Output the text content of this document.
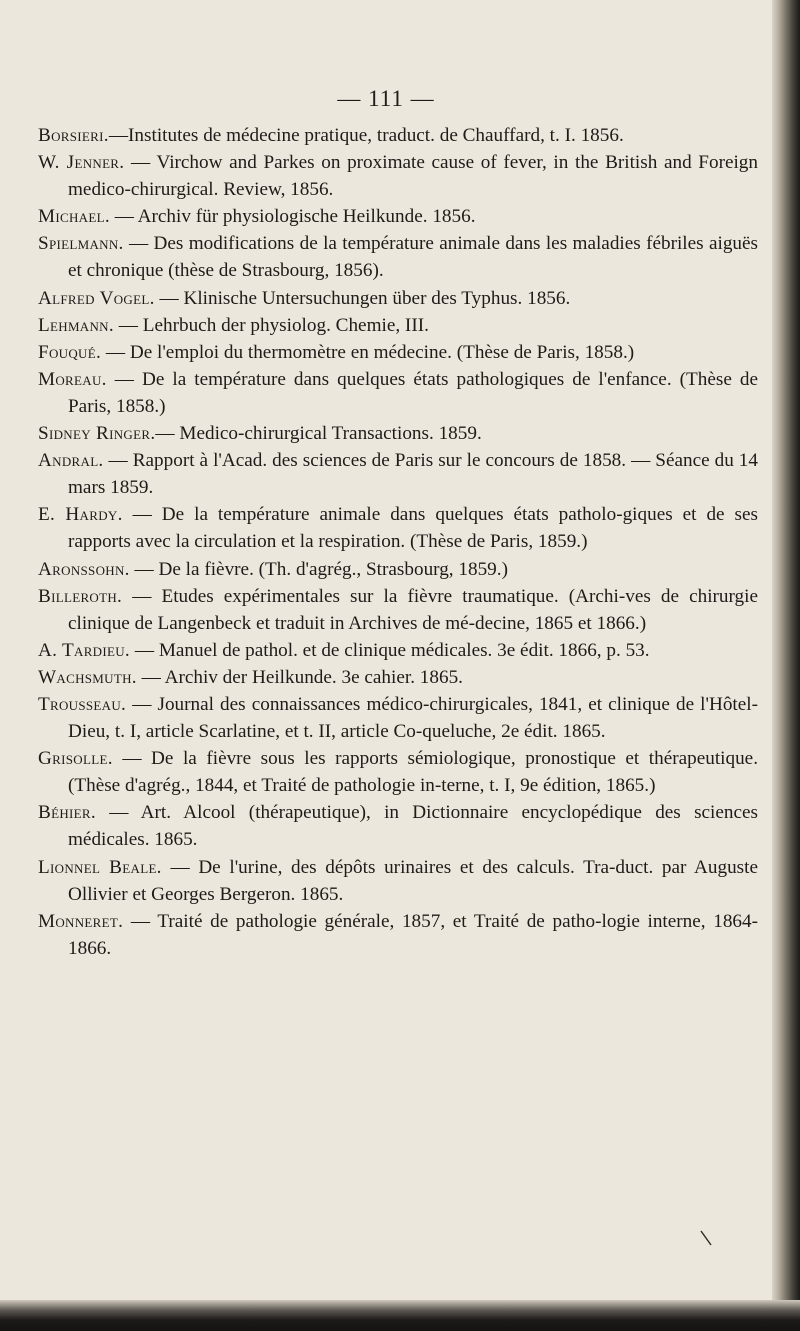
— 111 —

Borsieri.—Institutes de médecine pratique, traduct. de Chauffard, t. I. 1856.

W. Jenner. — Virchow and Parkes on proximate cause of fever, in the British and Foreign medico-chirurgical. Review, 1856.

Michael. — Archiv für physiologische Heilkunde. 1856.

Spielmann. — Des modifications de la température animale dans les maladies fébriles aiguës et chronique (thèse de Strasbourg, 1856).

Alfred Vogel. — Klinische Untersuchungen über des Typhus. 1856.

Lehmann. — Lehrbuch der physiolog. Chemie, III.

Fouqué. — De l'emploi du thermomètre en médecine. (Thèse de Paris, 1858.)

Moreau. — De la température dans quelques états pathologiques de l'enfance. (Thèse de Paris, 1858.)

Sidney Ringer.— Medico-chirurgical Transactions. 1859.

Andral. — Rapport à l'Acad. des sciences de Paris sur le concours de 1858. — Séance du 14 mars 1859.

E. Hardy. — De la température animale dans quelques états patholo-giques et de ses rapports avec la circulation et la respiration. (Thèse de Paris, 1859.)

Aronssohn. — De la fièvre. (Th. d'agrég., Strasbourg, 1859.)

Billeroth. — Etudes expérimentales sur la fièvre traumatique. (Archi-ves de chirurgie clinique de Langenbeck et traduit in Archives de mé-decine, 1865 et 1866.)

A. Tardieu. — Manuel de pathol. et de clinique médicales. 3e édit. 1866, p. 53.

Wachsmuth. — Archiv der Heilkunde. 3e cahier. 1865.

Trousseau. — Journal des connaissances médico-chirurgicales, 1841, et clinique de l'Hôtel-Dieu, t. I, article Scarlatine, et t. II, article Co-queluche, 2e édit. 1865.

Grisolle. — De la fièvre sous les rapports sémiologique, pronostique et thérapeutique. (Thèse d'agrég., 1844, et Traité de pathologie in-terne, t. I, 9e édition, 1865.)

Béhier. — Art. Alcool (thérapeutique), in Dictionnaire encyclopédique des sciences médicales. 1865.

Lionnel Beale. — De l'urine, des dépôts urinaires et des calculs. Tra-duct. par Auguste Ollivier et Georges Bergeron. 1865.

Monneret. — Traité de pathologie générale, 1857, et Traité de patho-logie interne, 1864-1866.
